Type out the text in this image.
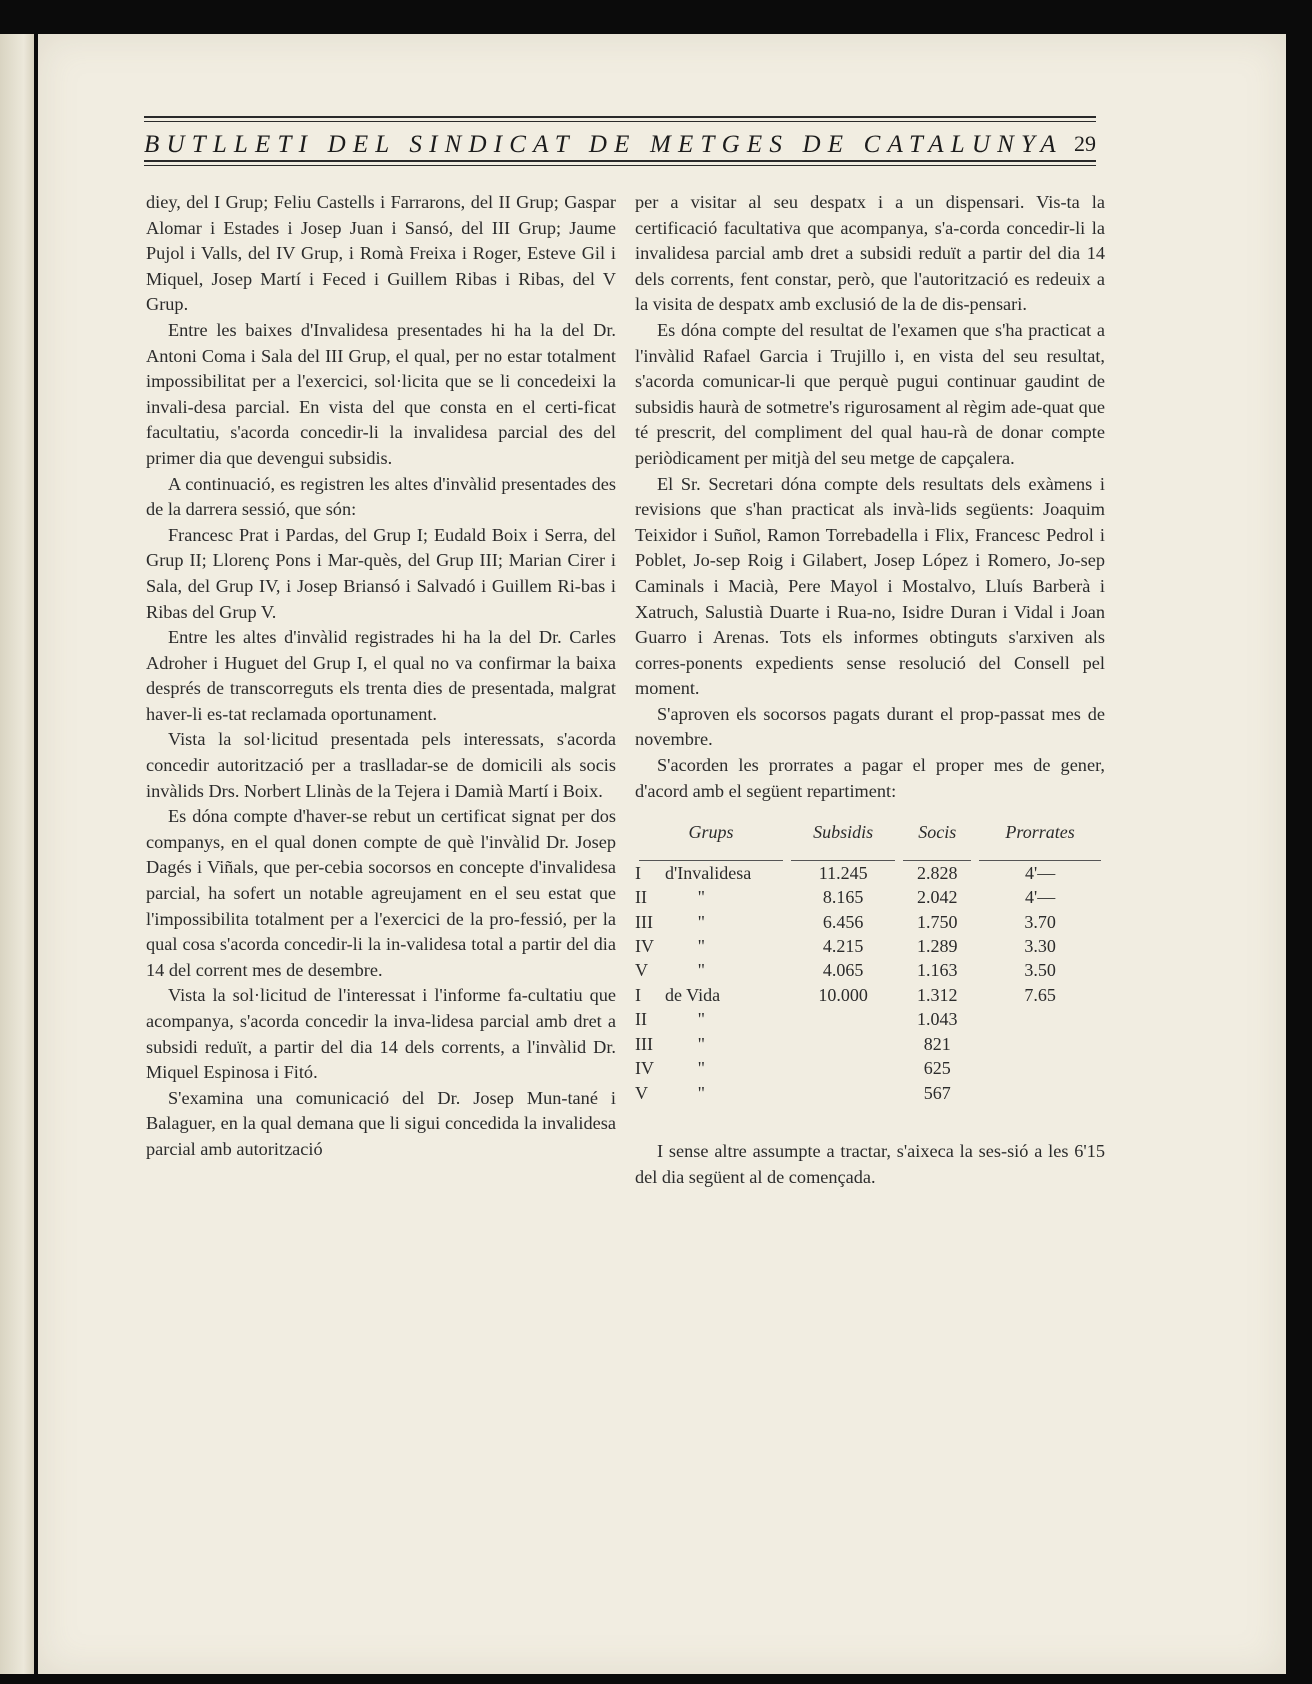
BUTLLETI DEL SINDICAT DE METGES DE CATALUNYA 29

diey, del I Grup; Feliu Castells i Farrarons, del II Grup; Gaspar Alomar i Estades i Josep Juan i Sansó, del III Grup; Jaume Pujol i Valls, del IV Grup, i Romà Freixa i Roger, Esteve Gil i Miquel, Josep Martí i Feced i Guillem Ribas i Ribas, del V Grup.

Entre les baixes d'Invalidesa presentades hi ha la del Dr. Antoni Coma i Sala del III Grup, el qual, per no estar totalment impossibilitat per a l'exercici, sol·licita que se li concedeixi la invali-desa parcial. En vista del que consta en el certi-ficat facultatiu, s'acorda concedir-li la invalidesa parcial des del primer dia que devengui subsidis.

A continuació, es registren les altes d'invàlid presentades des de la darrera sessió, que són:

Francesc Prat i Pardas, del Grup I; Eudald Boix i Serra, del Grup II; Llorenç Pons i Mar-quès, del Grup III; Marian Cirer i Sala, del Grup IV, i Josep Briansó i Salvadó i Guillem Ri-bas i Ribas del Grup V.

Entre les altes d'invàlid registrades hi ha la del Dr. Carles Adroher i Huguet del Grup I, el qual no va confirmar la baixa després de transcorreguts els trenta dies de presentada, malgrat haver-li es-tat reclamada oportunament.

Vista la sol·licitud presentada pels interessats, s'acorda concedir autorització per a traslladar-se de domicili als socis invàlids Drs. Norbert Llinàs de la Tejera i Damià Martí i Boix.

Es dóna compte d'haver-se rebut un certificat signat per dos companys, en el qual donen compte de què l'invàlid Dr. Josep Dagés i Viñals, que per-cebia socorsos en concepte d'invalidesa parcial, ha sofert un notable agreujament en el seu estat que l'impossibilita totalment per a l'exercici de la pro-fessió, per la qual cosa s'acorda concedir-li la in-validesa total a partir del dia 14 del corrent mes de desembre.

Vista la sol·licitud de l'interessat i l'informe fa-cultatiu que acompanya, s'acorda concedir la inva-lidesa parcial amb dret a subsidi reduït, a partir del dia 14 dels corrents, a l'invàlid Dr. Miquel Espinosa i Fitó.

S'examina una comunicació del Dr. Josep Mun-tané i Balaguer, en la qual demana que li sigui concedida la invalidesa parcial amb autorització

per a visitar al seu despatx i a un dispensari. Vis-ta la certificació facultativa que acompanya, s'a-corda concedir-li la invalidesa parcial amb dret a subsidi reduït a partir del dia 14 dels corrents, fent constar, però, que l'autorització es redeuix a la visita de despatx amb exclusió de la de dis-pensari.

Es dóna compte del resultat de l'examen que s'ha practicat a l'invàlid Rafael Garcia i Trujillo i, en vista del seu resultat, s'acorda comunicar-li que perquè pugui continuar gaudint de subsidis haurà de sotmetre's rigurosament al règim ade-quat que té prescrit, del compliment del qual hau-rà de donar compte periòdicament per mitjà del seu metge de capçalera.

El Sr. Secretari dóna compte dels resultats dels exàmens i revisions que s'han practicat als invà-lids següents: Joaquim Teixidor i Suñol, Ramon Torrebadella i Flix, Francesc Pedrol i Poblet, Jo-sep Roig i Gilabert, Josep López i Romero, Jo-sep Caminals i Macià, Pere Mayol i Mostalvo, Lluís Barberà i Xatruch, Salustià Duarte i Rua-no, Isidre Duran i Vidal i Joan Guarro i Arenas. Tots els informes obtinguts s'arxiven als corres-ponents expedients sense resolució del Consell pel moment.

S'aproven els socorsos pagats durant el prop-passat mes de novembre.

S'acorden les prorrates a pagar el proper mes de gener, d'acord amb el següent repartiment:

Grups	Subsidis	Socis	Prorrates

I d'Invalidesa	11.245	2.828	4'—
II "	8.165	2.042	4'—
III "	6.456	1.750	3.70
IV "	4.215	1.289	3.30
V "	4.065	1.163	3.50
I de Vida	10.000	1.312	7.65
II "		1.043	
III "		821	
IV "		625	
V "		567	

I sense altre assumpte a tractar, s'aixeca la ses-sió a les 6'15 del dia següent al de començada.
